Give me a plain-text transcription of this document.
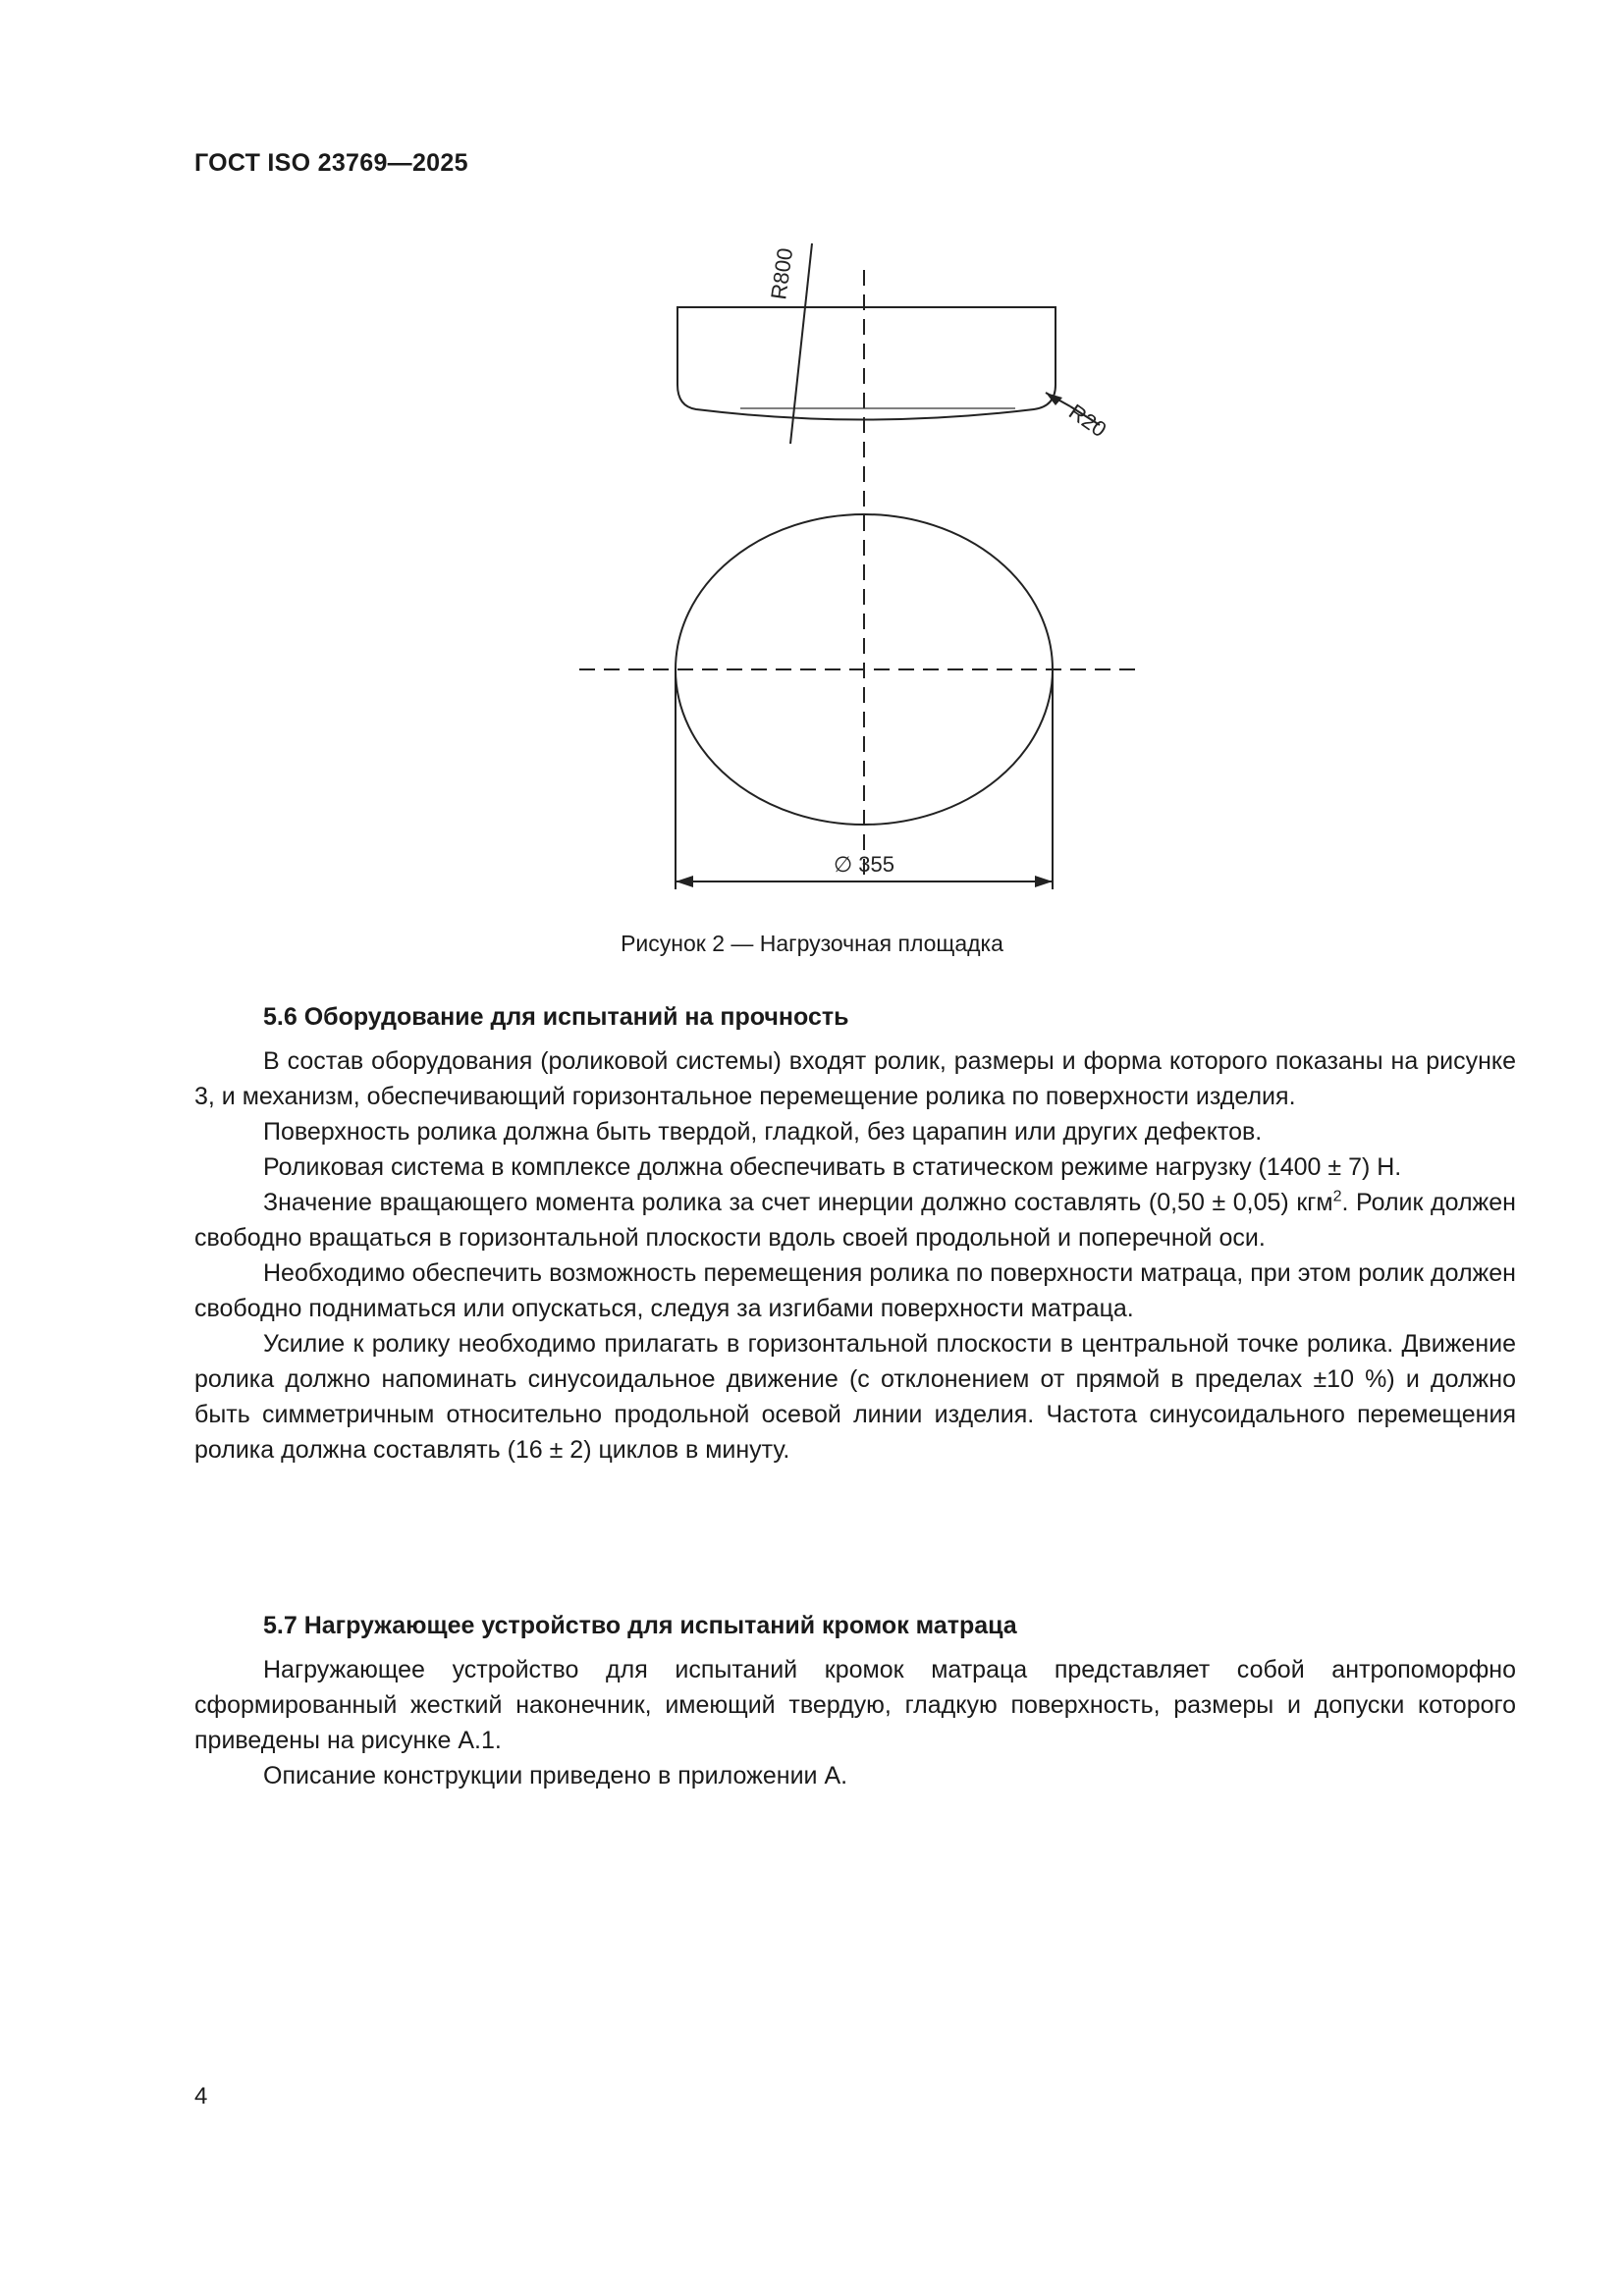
ГОСТ ISO 23769—2025
R800
R20
∅ 355
Рисунок 2 — Нагрузочная площадка
5.6 Оборудование для испытаний на прочность

В состав оборудования (роликовой системы) входят ролик, размеры и форма которого показаны на рисунке 3, и механизм, обеспечивающий горизонтальное перемещение ролика по поверхности изделия.

Поверхность ролика должна быть твердой, гладкой, без царапин или других дефектов.

Роликовая система в комплексе должна обеспечивать в статическом режиме нагрузку (1400 ± 7) Н.

Значение вращающего момента ролика за счет инерции должно составлять (0,50 ± 0,05) кгм$^2$. Ролик должен свободно вращаться в горизонтальной плоскости вдоль своей продольной и поперечной оси.

Необходимо обеспечить возможность перемещения ролика по поверхности матраца, при этом ролик должен свободно подниматься или опускаться, следуя за изгибами поверхности матраца.

Усилие к ролику необходимо прилагать в горизонтальной плоскости в центральной точке ролика. Движение ролика должно напоминать синусоидальное движение (с отклонением от прямой в пределах ±10 %) и должно быть симметричным относительно продольной осевой линии изделия. Частота синусоидального перемещения ролика должна составлять (16 ± 2) циклов в минуту.

5.7 Нагружающее устройство для испытаний кромок матраца

Нагружающее устройство для испытаний кромок матраца представляет собой антропоморфно сформированный жесткий наконечник, имеющий твердую, гладкую поверхность, размеры и допуски которого приведены на рисунке А.1.

Описание конструкции приведено в приложении А.

4
